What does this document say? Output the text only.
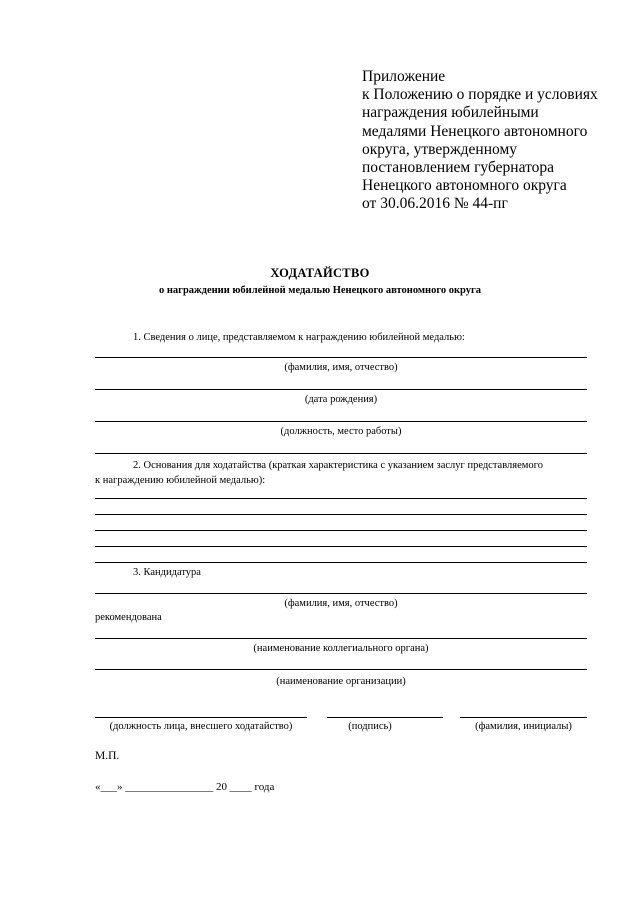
Приложение
к Положению о порядке и условиях
награждения юбилейными
медалями Ненецкого автономного
округа, утвержденному
постановлением губернатора
Ненецкого автономного округа
от 30.06.2016 № 44-пг
ХОДАТАЙСТВО
о награждении юбилейной медалью Ненецкого автономного округа
1. Сведения о лице, представляемом к награждению юбилейной медалью:
(фамилия, имя, отчество)
(дата рождения)
(должность, место работы)
2. Основания для ходатайства (краткая характеристика с указанием заслуг представляемого
к награждению юбилейной медалью):
3. Кандидатура
(фамилия, имя, отчество)
рекомендована
(наименование коллегиального органа)
(наименование организации)
(должность лица, внесшего ходатайство)	(подпись)	(фамилия, инициалы)
М.П.
«___» ________________ 20 ____ года
